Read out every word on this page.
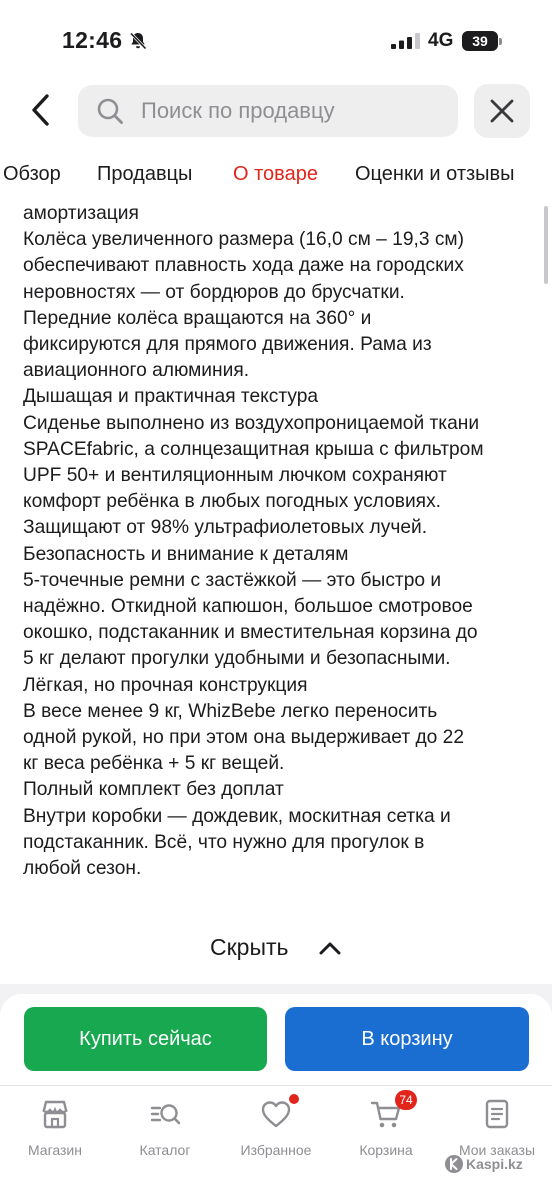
12:46	4G	39
Поиск по продавцу
Обзор Продавцы О товаре Оценки и отзывы

амортизация

Колёса увеличенного размера (16,0 см – 19,3 см)

обеспечивают плавность хода даже на городских

неровностях — от бордюров до брусчатки.

Передние колёса вращаются на 360° и

фиксируются для прямого движения. Рама из

авиационного алюминия.

Дышащая и практичная текстура

Сиденье выполнено из воздухопроницаемой ткани

SPACEfabric, а солнцезащитная крыша с фильтром

UPF 50+ и вентиляционным лючком сохраняют

комфорт ребёнка в любых погодных условиях.

Защищают от 98% ультрафиолетовых лучей.

Безопасность и внимание к деталям

5-точечные ремни с застёжкой — это быстро и

надёжно. Откидной капюшон, большое смотровое

окошко, подстаканник и вместительная корзина до

5 кг делают прогулки удобными и безопасными.

Лёгкая, но прочная конструкция

В весе менее 9 кг, WhizBebe легко переносить

одной рукой, но при этом она выдерживает до 22

кг веса ребёнка + 5 кг вещей.

Полный комплект без доплат

Внутри коробки — дождевик, москитная сетка и

подстаканник. Всё, что нужно для прогулок в

любой сезон.

Скрыть
Купить сейчас	В корзину
Магазин	Каталог	Избранное
74
Корзина	Мои заказы
Kaspi.kz
